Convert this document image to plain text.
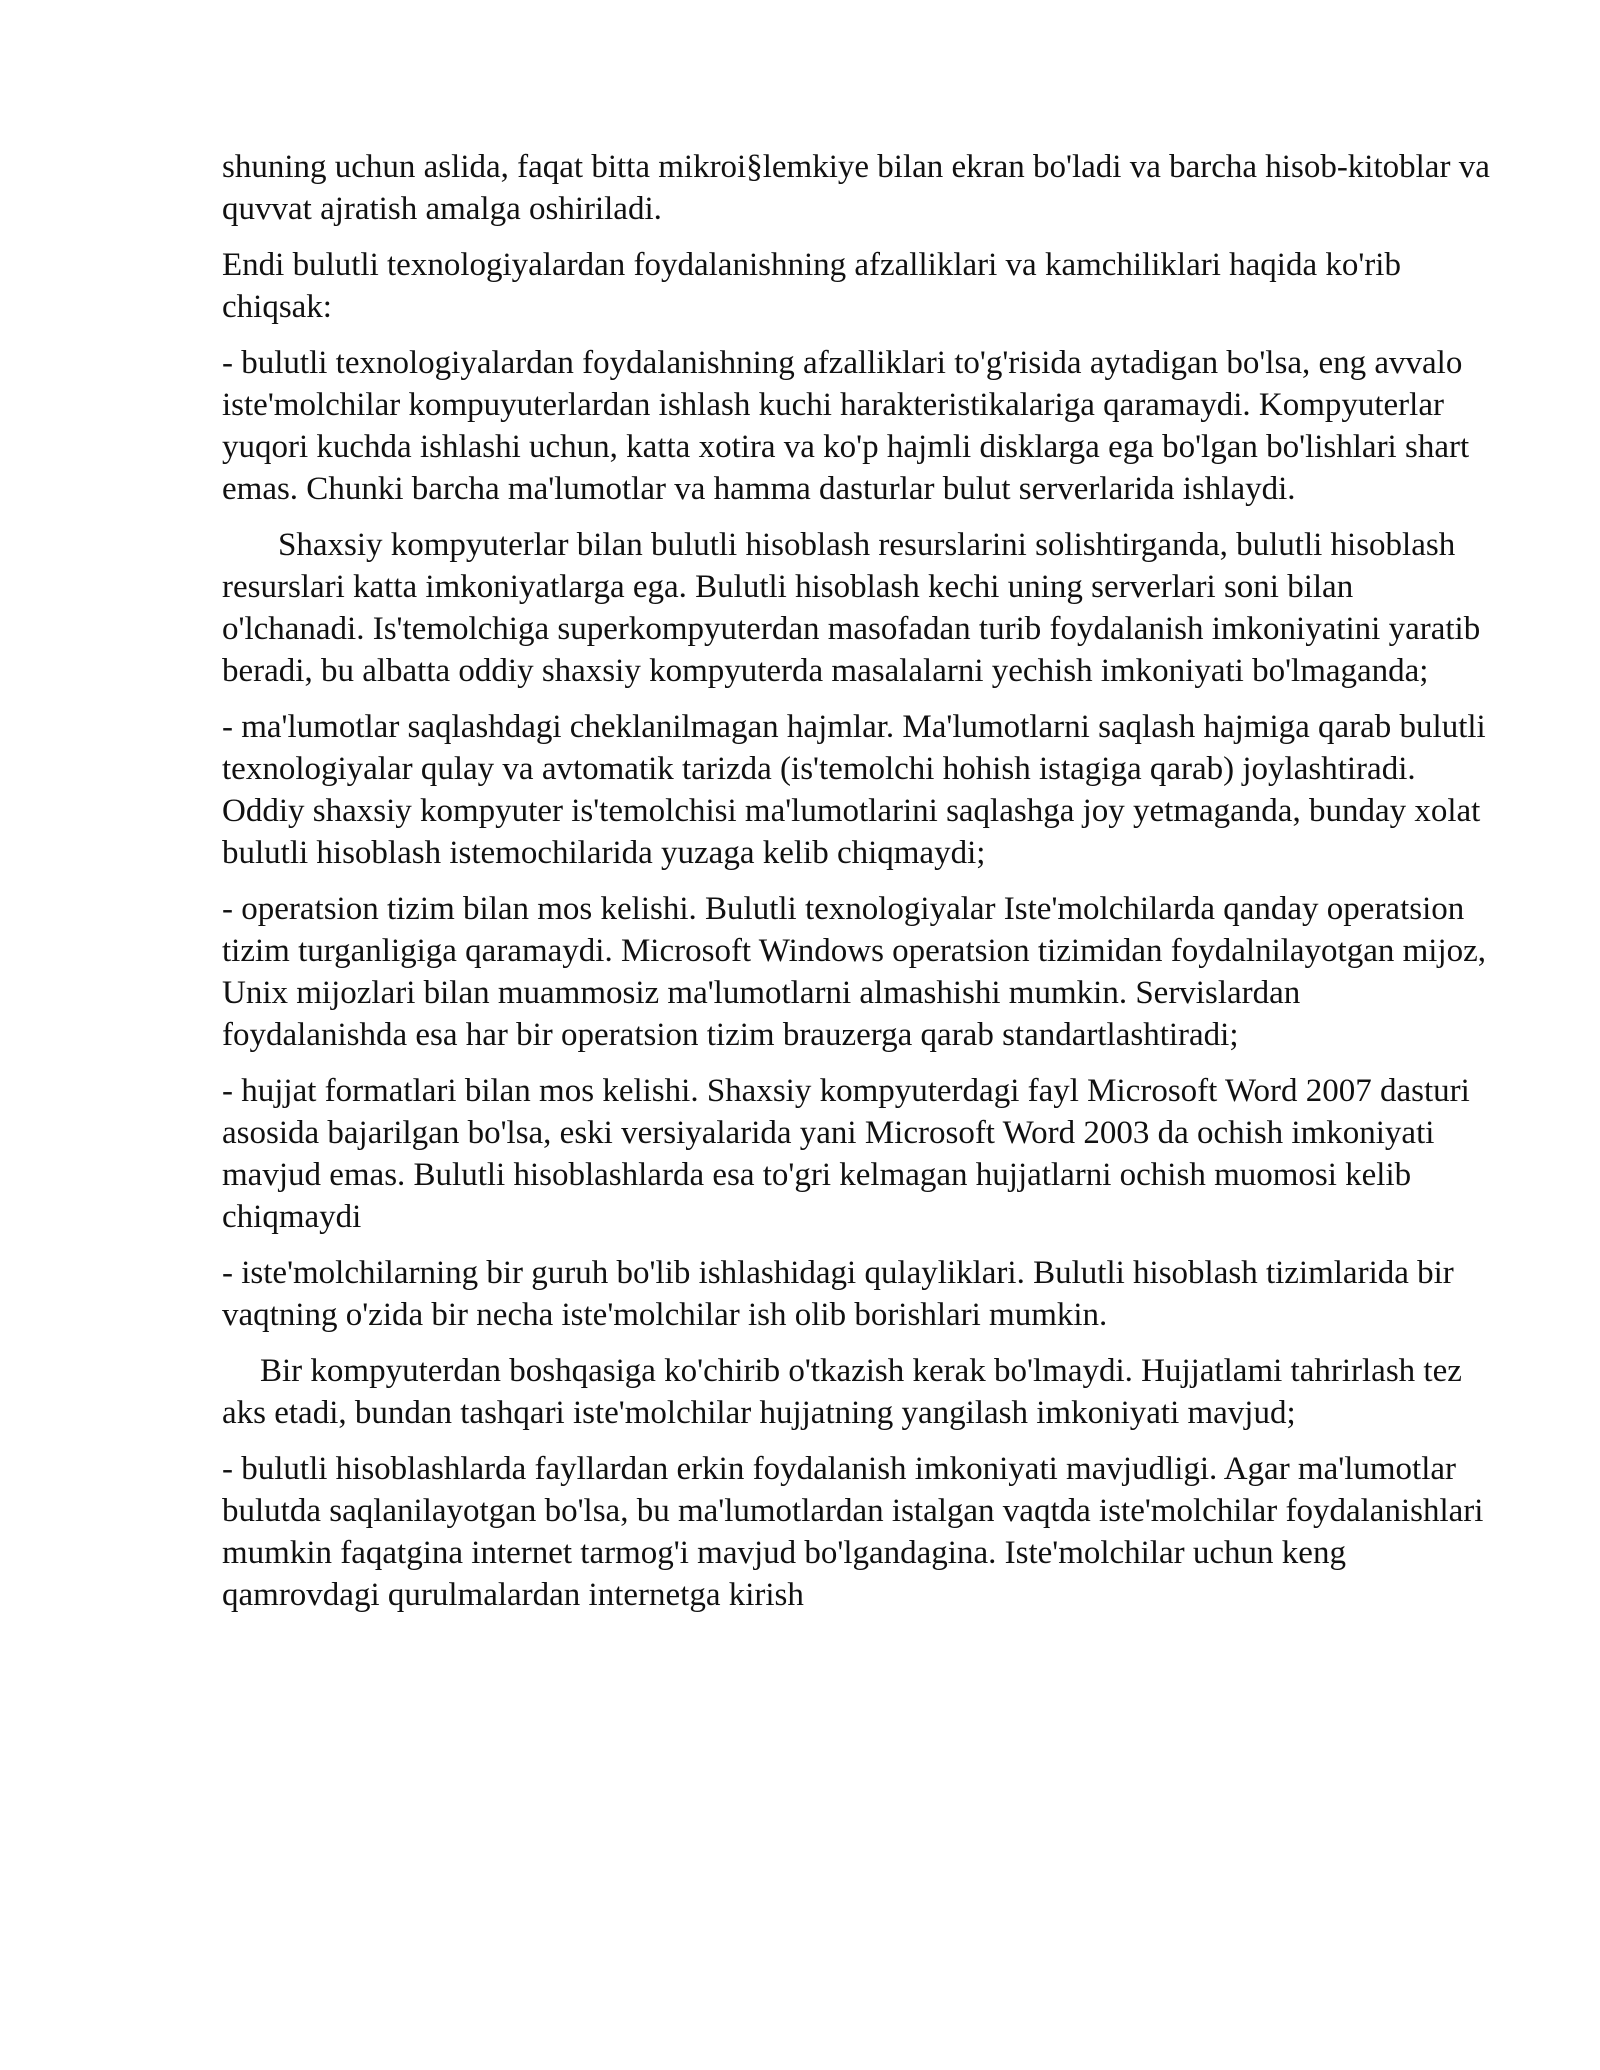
shuning uchun aslida, faqat bitta mikroi§lemkiye bilan ekran bo'ladi va barcha hisob-kitoblar va quvvat ajratish amalga oshiriladi.

Endi bulutli texnologiyalardan foydalanishning afzalliklari va kamchiliklari haqida ko'rib chiqsak:

- bulutli texnologiyalardan foydalanishning afzalliklari to'g'risida aytadigan bo'lsa, eng avvalo iste'molchilar kompuyuterlardan ishlash kuchi harakteristikalariga qaramaydi. Kompyuterlar yuqori kuchda ishlashi uchun, katta xotira va ko'p hajmli disklarga ega bo'lgan bo'lishlari shart emas. Chunki barcha ma'lumotlar va hamma dasturlar bulut serverlarida ishlaydi.

Shaxsiy kompyuterlar bilan bulutli hisoblash resurslarini solishtirganda, bulutli hisoblash resurslari katta imkoniyatlarga ega. Bulutli hisoblash kechi uning serverlari soni bilan o'lchanadi. Is'temolchiga superkompyuterdan masofadan turib foydalanish imkoniyatini yaratib beradi, bu albatta oddiy shaxsiy kompyuterda masalalarni yechish imkoniyati bo'lmaganda;

- ma'lumotlar saqlashdagi cheklanilmagan hajmlar. Ma'lumotlarni saqlash hajmiga qarab bulutli texnologiyalar qulay va avtomatik tarizda (is'temolchi hohish istagiga qarab) joylashtiradi. Oddiy shaxsiy kompyuter is'temolchisi ma'lumotlarini saqlashga joy yetmaganda, bunday xolat bulutli hisoblash istemochilarida yuzaga kelib chiqmaydi;

- operatsion tizim bilan mos kelishi. Bulutli texnologiyalar Iste'molchilarda qanday operatsion tizim turganligiga qaramaydi. Microsoft Windows operatsion tizimidan foydalnilayotgan mijoz, Unix mijozlari bilan muammosiz ma'lumotlarni almashishi mumkin. Servislardan foydalanishda esa har bir operatsion tizim brauzerga qarab standartlashtiradi;

- hujjat formatlari bilan mos kelishi. Shaxsiy kompyuterdagi fayl Microsoft Word 2007 dasturi asosida bajarilgan bo'lsa, eski versiyalarida yani Microsoft Word 2003 da ochish imkoniyati mavjud emas. Bulutli hisoblashlarda esa to'gri kelmagan hujjatlarni ochish muomosi kelib chiqmaydi

- iste'molchilarning bir guruh bo'lib ishlashidagi qulayliklari. Bulutli hisoblash tizimlarida bir vaqtning o'zida bir necha iste'molchilar ish olib borishlari mumkin.

Bir kompyuterdan boshqasiga ko'chirib o'tkazish kerak bo'lmaydi. Hujjatlami tahrirlash tez aks etadi, bundan tashqari iste'molchilar hujjatning yangilash imkoniyati mavjud;

- bulutli hisoblashlarda fayllardan erkin foydalanish imkoniyati mavjudligi. Agar ma'lumotlar bulutda saqlanilayotgan bo'lsa, bu ma'lumotlardan istalgan vaqtda iste'molchilar foydalanishlari mumkin faqatgina internet tarmog'i mavjud bo'lgandagina. Iste'molchilar uchun keng qamrovdagi qurulmalardan internetga kirish
